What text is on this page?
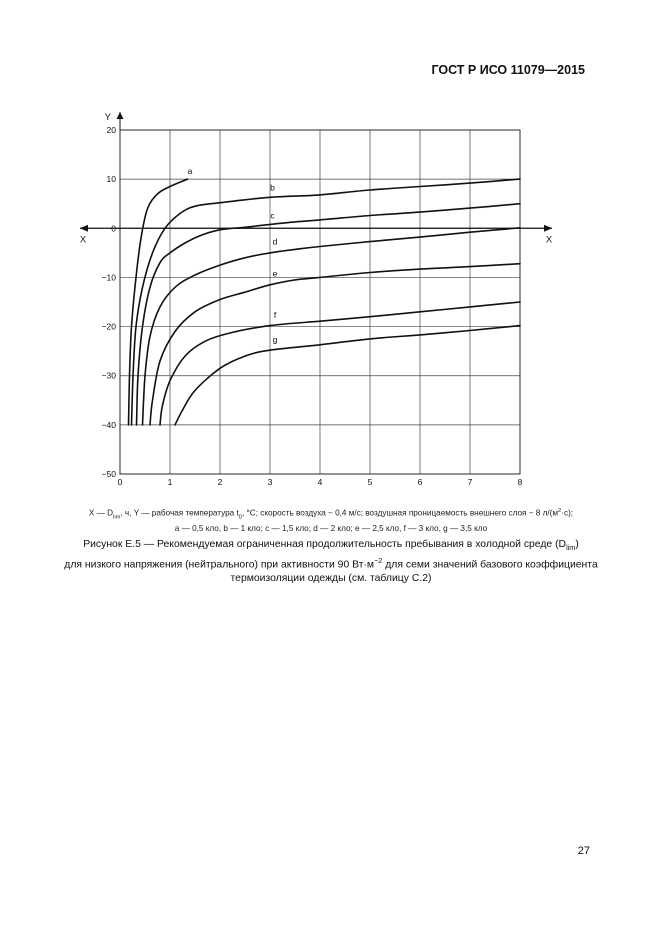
ГОСТ Р ИСО 11079—2015
Y
X	X
0	1	2	3	4	5	6	7	8
20
10
0
−10
−20
−30
−40
−50
a
b
c
d
e
f
g
X — $D_{lim}$, ч, Y — рабочая температура $t_0$, °C; скорость воздуха − 0,4 м/с; воздушная проницаемость внешнего слоя − 8 $л/(м^2\cdot с)$;
a — 0,5 кло, b — 1 кло; c — 1,5 кло; d — 2 кло; e — 2,5 кло, f — 3 кло, g — 3,5 кло
Рисунок E.5 — Рекомендуемая ограниченная продолжительность пребывания в холодной среде $(D_{lim})$
для низкого напряжения (нейтрального) при активности 90 $Вт\cdot м^{-2}$ для семи значений базового коэффициента
термоизоляции одежды (см. таблицу C.2)
27
